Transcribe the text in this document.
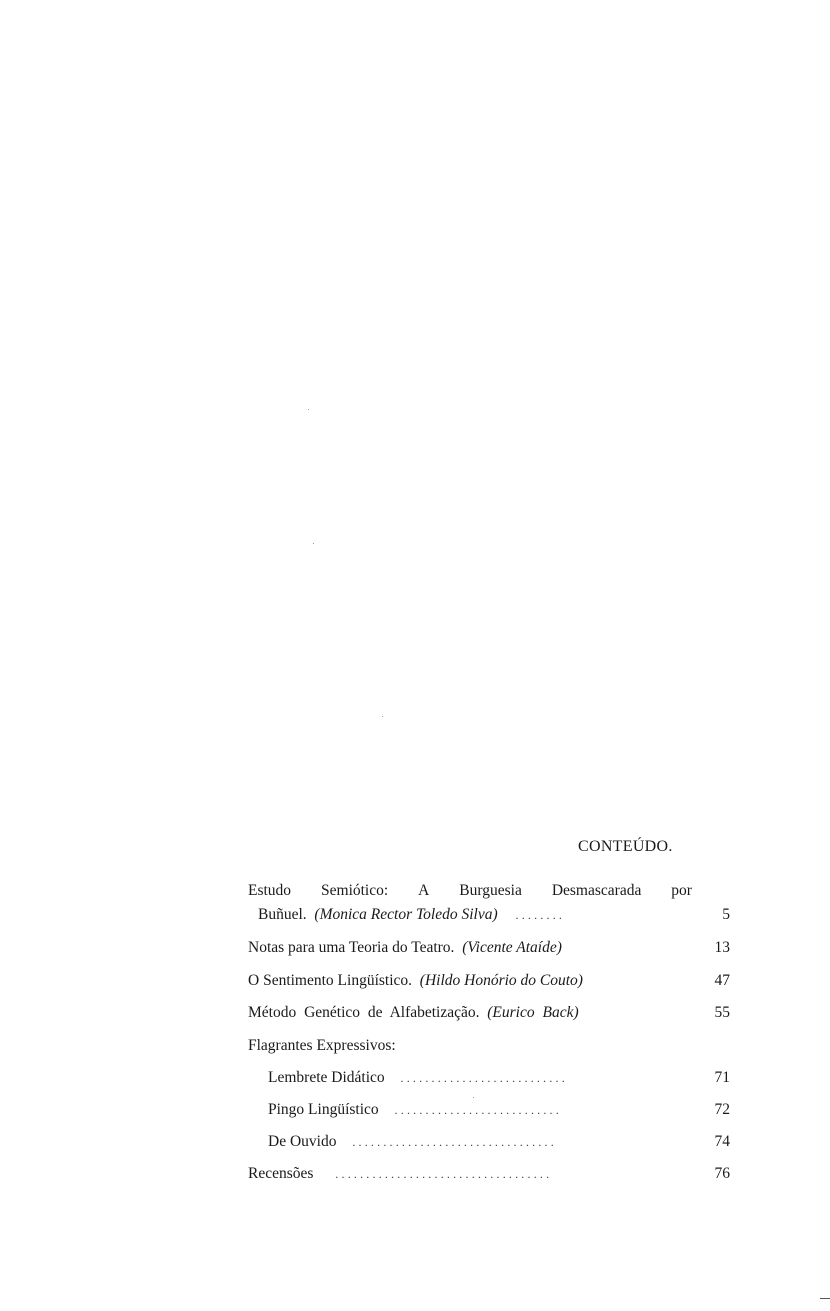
CONTEÚDO.
Estudo Semiótico: A Burguesia Desmascarada por
Buñuel. (Monica Rector Toledo Silva) ........	5
Notas para uma Teoria do Teatro. (Vicente Ataíde)	13
O Sentimento Lingüístico. (Hildo Honório do Couto)	47
Método Genético de Alfabetização. (Eurico Back)	55
Flagrantes Expressivos:
Lembrete Didático ...........................	71
Pingo Lingüístico ...........................	72
De Ouvido .................................	74
Recensões ...................................	76
